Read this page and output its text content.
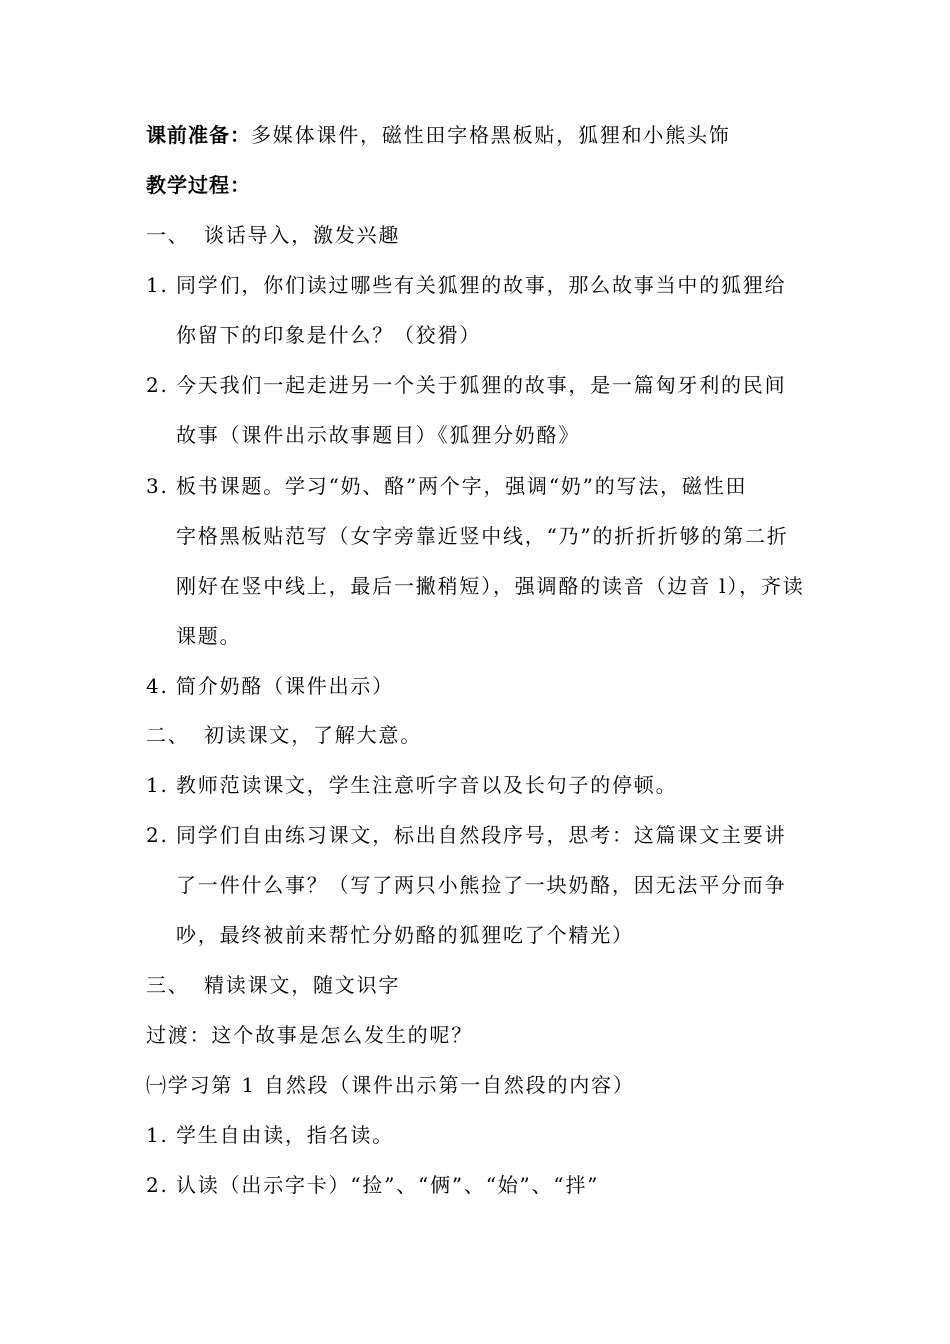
课前准备：多媒体课件，磁性田字格黑板贴，狐狸和小熊头饰
教学过程：
一、 谈话导入，激发兴趣
1. 同学们，你们读过哪些有关狐狸的故事，那么故事当中的狐狸给
你留下的印象是什么？（狡猾）
2. 今天我们一起走进另一个关于狐狸的故事，是一篇匈牙利的民间
故事（课件出示故事题目）《狐狸分奶酪》
3. 板书课题。学习“奶、酪”两个字，强调“奶”的写法，磁性田
字格黑板贴范写（女字旁靠近竖中线，“乃”的折折折够的第二折
刚好在竖中线上，最后一撇稍短），强调酪的读音（边音 l），齐读
课题。
4. 简介奶酪（课件出示）
二、 初读课文，了解大意。
1. 教师范读课文，学生注意听字音以及长句子的停顿。
2. 同学们自由练习课文，标出自然段序号，思考：这篇课文主要讲
了一件什么事？（写了两只小熊捡了一块奶酪，因无法平分而争
吵，最终被前来帮忙分奶酪的狐狸吃了个精光）
三、 精读课文，随文识字
过渡：这个故事是怎么发生的呢？
㈠学习第 1 自然段（课件出示第一自然段的内容）
1. 学生自由读，指名读。
2. 认读（出示字卡）“捡”、“俩”、“始”、“拌”
